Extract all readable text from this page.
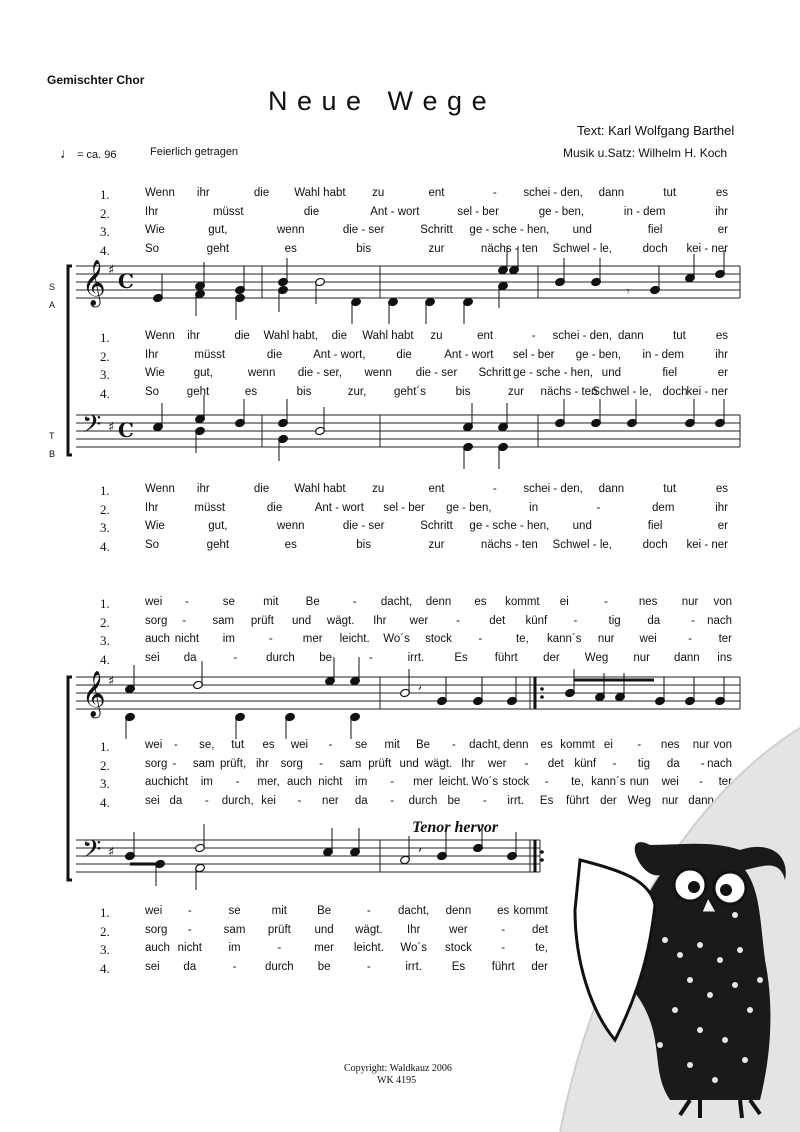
Gemischter Chor
N e u e   W e g e
Text: Karl Wolfgang Barthel
Musik u.Satz: Wilhelm H. Koch
♩ = ca. 96	Feierlich getragen
𝄞 ♯ C
𝄢 ♯ C
𝄞 ♯
𝄢 ♯
𝄾
,
,
S
A
T
B
1.	Wenn ihr	die Wahl habt zu	ent	- schei - den, dann	tut	es
2.	Ihr	müsst	die	Ant - wort	sel - ber	ge - ben,	in - dem	ihr
3.	Wie	gut,	wenn	die - ser	Schritt ge - sche - hen, und	fiel	er
4.	So	geht	es	bis	zur	nächs - ten Schwel - le,	doch kei - ner
1.	Wenn ihr	die Wahl habt, die Wahl habt zu	ent	- schei - den, dann	tut	es
2.	Ihr	müsst	die	Ant - wort,	die	Ant - wort sel - ber ge - ben, in - dem	ihr
3.	Wie	gut,	wenn die - ser, wenn die - ser Schritt ge - sche - hen, und	fiel	er
4.	So geht	es	bis	zur, geht´s	bis	zur nächs - ten
Schwel - le, doch
kei - ner
1.	Wenn ihr	die Wahl habt zu	ent	- schei - den, dann	tut	es
2.	Ihr	müsst	die	Ant - wort sel - ber ge - ben,	in	-	dem	ihr
3.	Wie	gut,	wenn	die - ser	Schritt ge - sche - hen, und	fiel	er
4.	So	geht	es	bis	zur	nächs - ten Schwel - le,	doch kei - ner
1.	wei -	se mit Be	- dacht, denn es kommt ei	-	nes nur von
2.	sorg - sam prüft und wägt. Ihr wer -	det künf -	tig da	- nach
3.	auch nicht im	-	mer leicht. Wo´s stock -	te, kann´s nur wei	- ter
4.	sei da	-	durch be	-	irrt.	Es führt der Weg nur dann ins
1.	wei - se, tut es wei - se mit Be - dacht, denn es kommt ei - nes nur von
2.	sorg - sam prüft, ihr sorg - sam prüft und wägt. Ihr wer - det künf - tig da - nach
3.	auch
nicht im - mer, auch nicht im - mer leicht. Wo´s stock - te, kann´s nun wei - ter
4.	sei da - durch, kei - ner da - durch be - irrt. Es führt der Weg nur dann
1.	wei -	se	mit	Be	- dacht, denn es kommt
2.	sorg -	sam prüft und wägt. Ihr	wer	- det
3.	auch nicht im	-	mer leicht. Wo´s stock	-	te,
4.	sei da	- durch be	-	irrt.	Es führt der
Tenor hervor
Copyright: Waldkauz 2006
WK 4195
